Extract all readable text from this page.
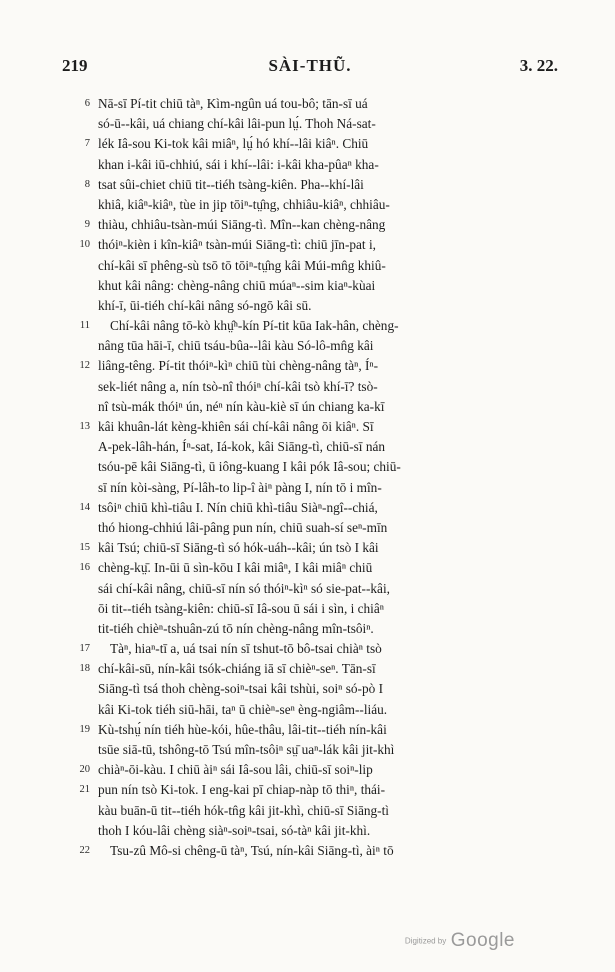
219	SÀI-THŨ.	3. 22.
6 Nā-sī Pí-tit chiū tàⁿ, Kìm-ngûn uá tou-bô; tān-sī uá
só-ū--kâi, uá chiang chí-kâi lâi-pun lṳ́. Thoh Ná-sat-
7 lék Iâ-sou Ki-tok kâi miâⁿ, lṳ́ hó khí--lâi kiâⁿ. Chiū
khan i-kâi iū-chhiú, sái i khí--lâi: i-kâi kha-pûaⁿ kha-
8 tsat sûi-chiet chiū tit--tiéh tsàng-kiên. Pha--khí-lâi
khiâ, kiâⁿ-kiâⁿ, tùe in jip tōiⁿ-tṳ̂ng, chhiâu-kiâⁿ, chhiâu-
9 thiàu, chhiâu-tsàn-múi Siāng-tì. Mîn--kan chèng-nâng
10 thóiⁿ-kièn i kîn-kiâⁿ tsàn-múi Siāng-tì: chiū jīn-pat i,
chí-kâi sī phêng-sù tsō tō tōiⁿ-tṳ̂ng kâi Múi-mn̂g khiû-
khut kâi nâng: chèng-nâng chiū múaⁿ--sim kiaⁿ-kùai
khí-ī, ūi-tiéh chí-kâi nâng só-ngō kâi sū.
11 Chí-kâi nâng tō-kò khṳ̂ⁿ-kín Pí-tit kūa Iak-hân, chèng-
nâng tūa hāi-ī, chiū tsáu-bûa--lâi kàu Só-lô-mn̂g kâi
12 liâng-têng. Pí-tit thóiⁿ-kìⁿ chiū tùi chèng-nâng tàⁿ, Íⁿ-
sek-liét nâng a, nín tsò-nî thóiⁿ chí-kâi tsò khí-ī? tsò-
nî tsù-mák thóiⁿ ún, néⁿ nín kàu-kiè sī ún chiang ka-kī
13 kâi khuân-lát kèng-khiên sái chí-kâi nâng ōi kiâⁿ. Sī
A-pek-lâh-hán, Íⁿ-sat, Iá-kok, kâi Siāng-tì, chiū-sī nán
tsóu-pē kâi Siāng-tì, ū iông-kuang I kâi pók Iâ-sou; chiū-
sī nín kòi-sàng, Pí-lâh-to lip-î àiⁿ pàng I, nín tō i mîn-
14 tsôiⁿ chiū khì-tiâu I. Nín chiū khì-tiâu Siàⁿ-ngî--chiá,
thó hiong-chhiú lâi-pâng pun nín, chiū suah-sí seⁿ-mīn
15 kâi Tsú; chiū-sī Siāng-tì só hók-uáh--kâi; ún tsò I kâi
16 chèng-kṳ̄. In-ūi ū sìn-kōu I kâi miâⁿ, I kâi miâⁿ chiū
sái chí-kâi nâng, chiū-sī nín só thóiⁿ-kìⁿ só sie-pat--kâi,
ōi tit--tiéh tsàng-kiên: chiū-sī Iâ-sou ū sái i sìn, i chiâⁿ
tit-tiéh chièⁿ-tshuân-zú tō nín chèng-nâng mîn-tsôiⁿ.
17 Tàⁿ, hiaⁿ-tī a, uá tsai nín sī tshut-tō bô-tsai chiàⁿ tsò
18 chí-kâi-sū, nín-kâi tsók-chiáng iā sī chièⁿ-seⁿ. Tān-sī
Siāng-tì tsá thoh chèng-soiⁿ-tsai kâi tshùi, soiⁿ só-pò I
kâi Ki-tok tiéh siū-hāi, taⁿ ū chièⁿ-seⁿ èng-ngiâm--liáu.
19 Kù-tshṳ́ nín tiéh hùe-kói, hûe-thâu, lâi-tit--tiéh nín-kâi
tsūe siā-tū, tshông-tō Tsú mîn-tsôiⁿ sṳ̄ uaⁿ-lák kâi jit-khì
20 chiàⁿ-ōi-kàu. I chiū àiⁿ sái Iâ-sou lâi, chiū-sī soiⁿ-lip
21 pun nín tsò Ki-tok. I eng-kai pī chiap-nàp tō thiⁿ, thái-
kàu buān-ū tit--tiéh hók-tn̂g kâi jit-khì, chiū-sī Siāng-tì
thoh I kóu-lâi chèng siàⁿ-soiⁿ-tsai, só-tàⁿ kâi jit-khì.
22 Tsu-zû Mô-si chêng-ū tàⁿ, Tsú, nín-kâi Siāng-tì, àiⁿ tō
Digitized by Google
